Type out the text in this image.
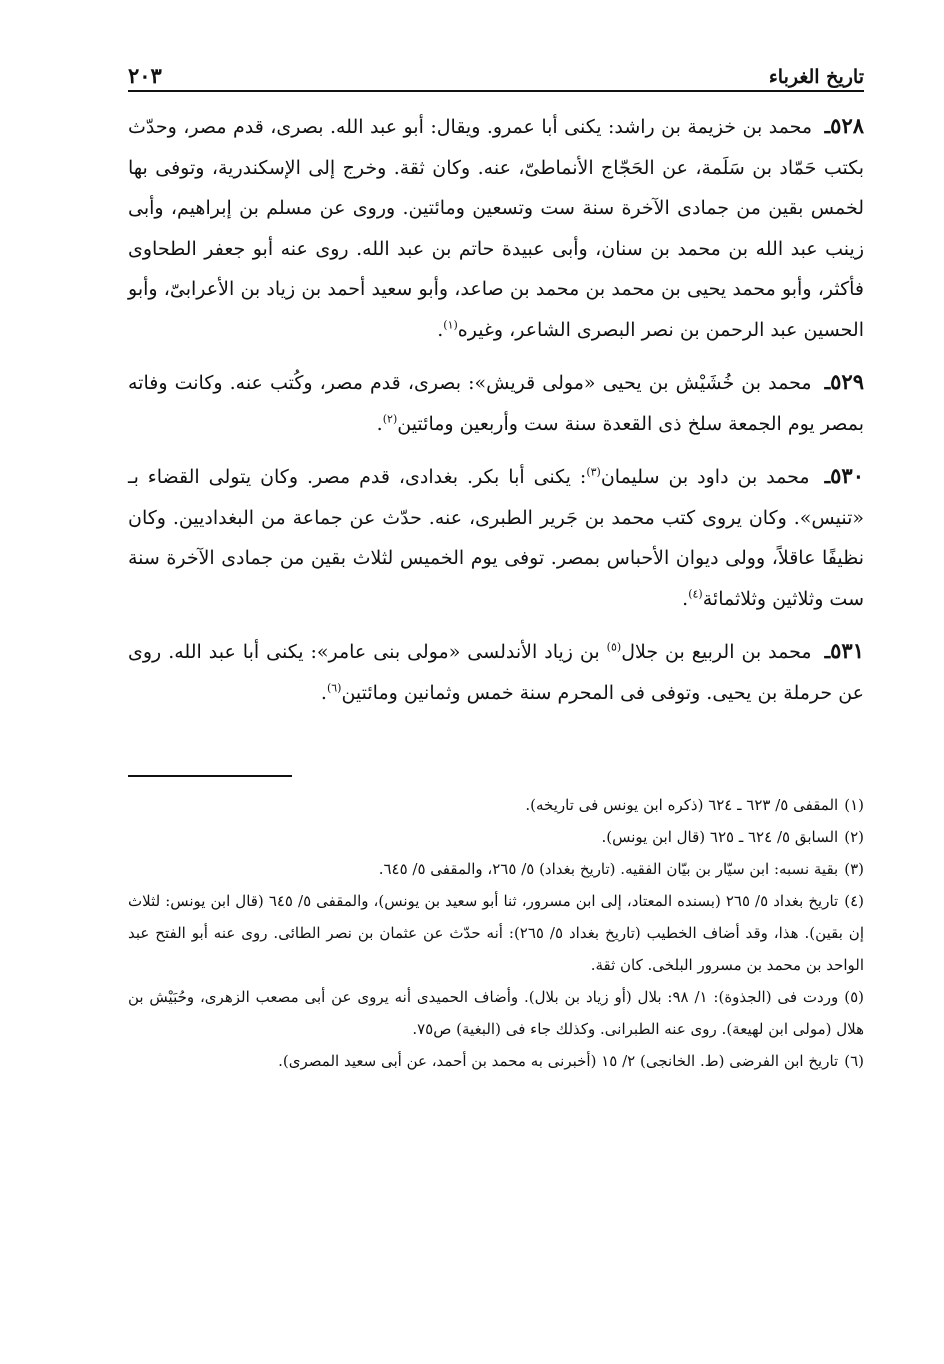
تاريخ الغرباء
٢٠٣

٥٢٨ـ محمد بن خزيمة بن راشد: يكنى أبا عمرو. ويقال: أبو عبد الله. بصرى، قدم مصر، وحدّث بكتب حَمّاد بن سَلَمة، عن الحَجّاج الأنماطىّ، عنه. وكان ثقة. وخرج إلى الإسكندرية، وتوفى بها لخمس بقين من جمادى الآخرة سنة ست وتسعين ومائتين. وروى عن مسلم بن إبراهيم، وأبى زينب عبد الله بن محمد بن سنان، وأبى عبيدة حاتم بن عبد الله. روى عنه أبو جعفر الطحاوى فأكثر، وأبو محمد يحيى بن محمد بن محمد بن صاعد، وأبو سعيد أحمد بن زياد بن الأعرابىّ، وأبو الحسين عبد الرحمن بن نصر البصرى الشاعر، وغيره$^{(١)}$.

٥٢٩ـ محمد بن خُشَيْش بن يحيى «مولى قريش»: بصرى، قدم مصر، وكُتب عنه. وكانت وفاته بمصر يوم الجمعة سلخ ذى القعدة سنة ست وأربعين ومائتين$^{(٢)}$.

٥٣٠ـ محمد بن داود بن سليمان$^{(٣)}$: يكنى أبا بكر. بغدادى، قدم مصر. وكان يتولى القضاء بـ «تنيس». وكان يروى كتب محمد بن جَرير الطبرى، عنه. حدّث عن جماعة من البغداديين. وكان نظيفًا عاقلاً، وولى ديوان الأحباس بمصر. توفى يوم الخميس لثلاث بقين من جمادى الآخرة سنة ست وثلاثين وثلاثمائة$^{(٤)}$.

٥٣١ـ محمد بن الربيع بن جلال$^{(٥)}$ بن زياد الأندلسى «مولى بنى عامر»: يكنى أبا عبد الله. روى عن حرملة بن يحيى. وتوفى فى المحرم سنة خمس وثمانين ومائتين$^{(٦)}$.

(١)المقفى ٥/ ٦٢٣ ـ ٦٢٤ (ذكره ابن يونس فى تاريخه).

(٢)السابق ٥/ ٦٢٤ ـ ٦٢٥ (قال ابن يونس).

(٣)بقية نسبه: ابن سيّار بن بيّان الفقيه. (تاريخ بغداد) ٥/ ٢٦٥، والمقفى ٥/ ٦٤٥.

(٤)تاريخ بغداد ٥/ ٢٦٥ (بسنده المعتاد، إلى ابن مسرور، ثنا أبو سعيد بن يونس)، والمقفى ٥/ ٦٤٥ (قال ابن يونس: لثلاث إن بقين). هذا، وقد أضاف الخطيب (تاريخ بغداد ٥/ ٢٦٥): أنه حدّث عن عثمان بن نصر الطائى. روى عنه أبو الفتح عبد الواحد بن محمد بن مسرور البلخى. كان ثقة.

(٥)وردت فى (الجذوة): ١/ ٩٨: بلال (أو زياد بن بلال). وأضاف الحميدى أنه يروى عن أبى مصعب الزهرى، وحُبَيْش بن هلال (مولى ابن لهيعة). روى عنه الطبرانى. وكذلك جاء فى (البغية) ص٧٥.

(٦)تاريخ ابن الفرضى (ط. الخانجى) ٢/ ١٥ (أخبرنى به محمد بن أحمد، عن أبى سعيد المصرى).
